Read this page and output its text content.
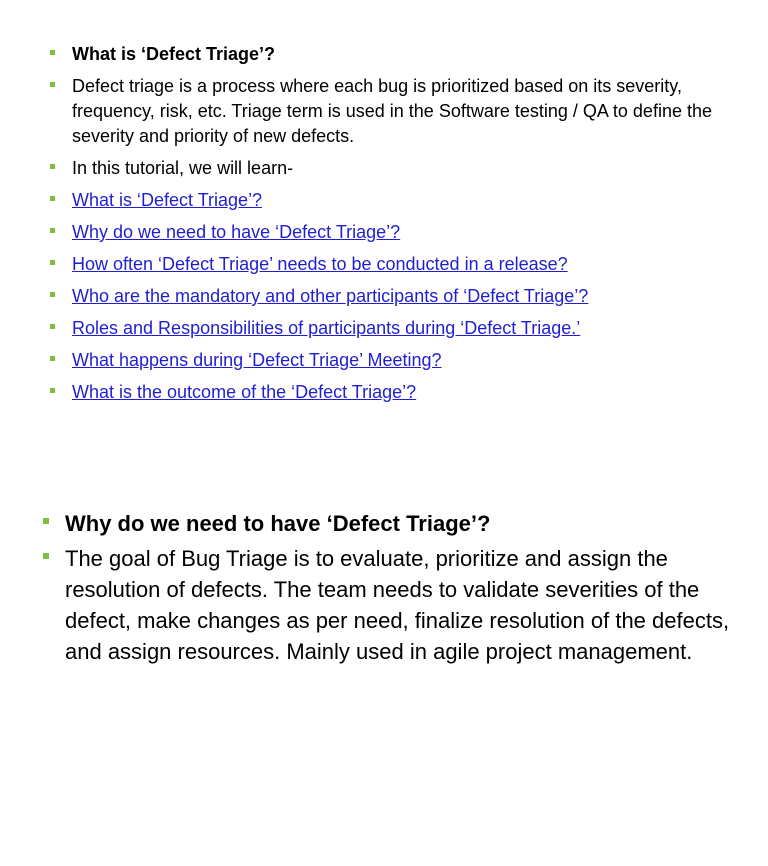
What is ‘Defect Triage’?
Defect triage is a process where each bug is prioritized based on its severity, frequency, risk, etc. Triage term is used in the Software testing / QA to define the severity and priority of new defects.
In this tutorial, we will learn-
What is ‘Defect Triage’?
Why do we need to have ‘Defect Triage’?
How often ‘Defect Triage’ needs to be conducted in a release?
Who are the mandatory and other participants of ‘Defect Triage’?
Roles and Responsibilities of participants during ‘Defect Triage.’
What happens during ‘Defect Triage’ Meeting?
What is the outcome of the ‘Defect Triage’?
Why do we need to have ‘Defect Triage’?
The goal of Bug Triage is to evaluate, prioritize and assign the resolution of defects. The team needs to validate severities of the defect, make changes as per need, finalize resolution of the defects, and assign resources. Mainly used in agile project management.
